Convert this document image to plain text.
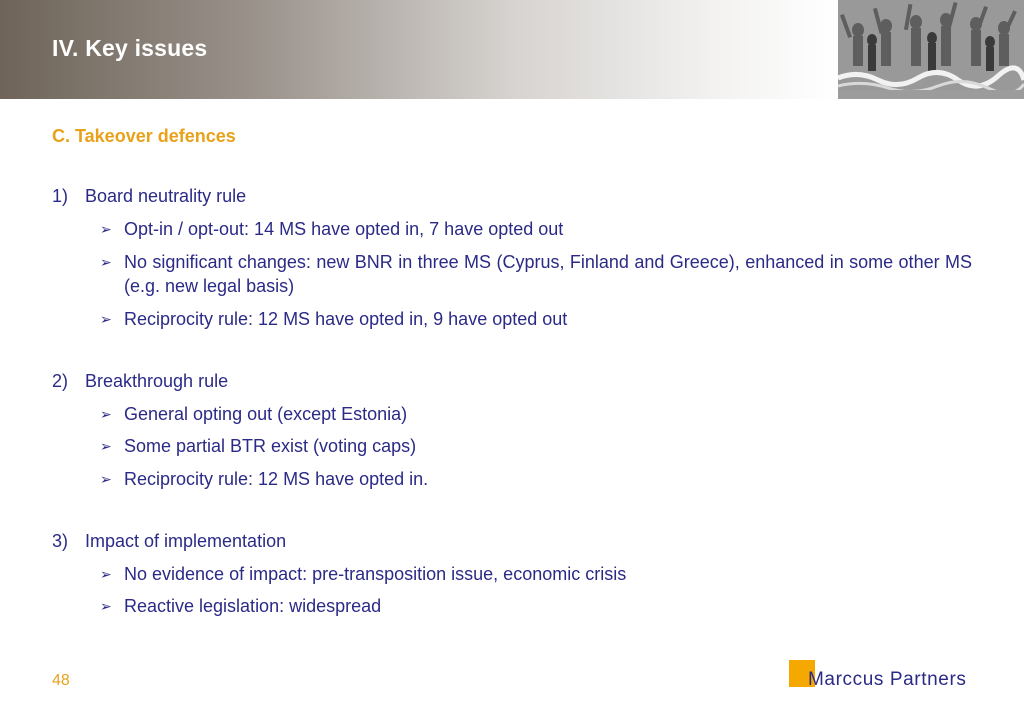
IV. Key issues
C. Takeover defences
1) Board neutrality rule
➢ Opt-in / opt-out: 14 MS have opted in, 7 have opted out
➢ No significant changes: new BNR in three MS (Cyprus, Finland and Greece), enhanced in some other MS (e.g. new legal basis)
➢ Reciprocity rule: 12 MS have opted in, 9 have opted out
2) Breakthrough rule
➢ General opting out (except Estonia)
➢ Some partial BTR exist (voting caps)
➢ Reciprocity rule: 12 MS have opted in.
3) Impact of implementation
➢ No evidence of impact: pre-transposition issue, economic crisis
➢ Reactive legislation: widespread
48	Marccus Partners
